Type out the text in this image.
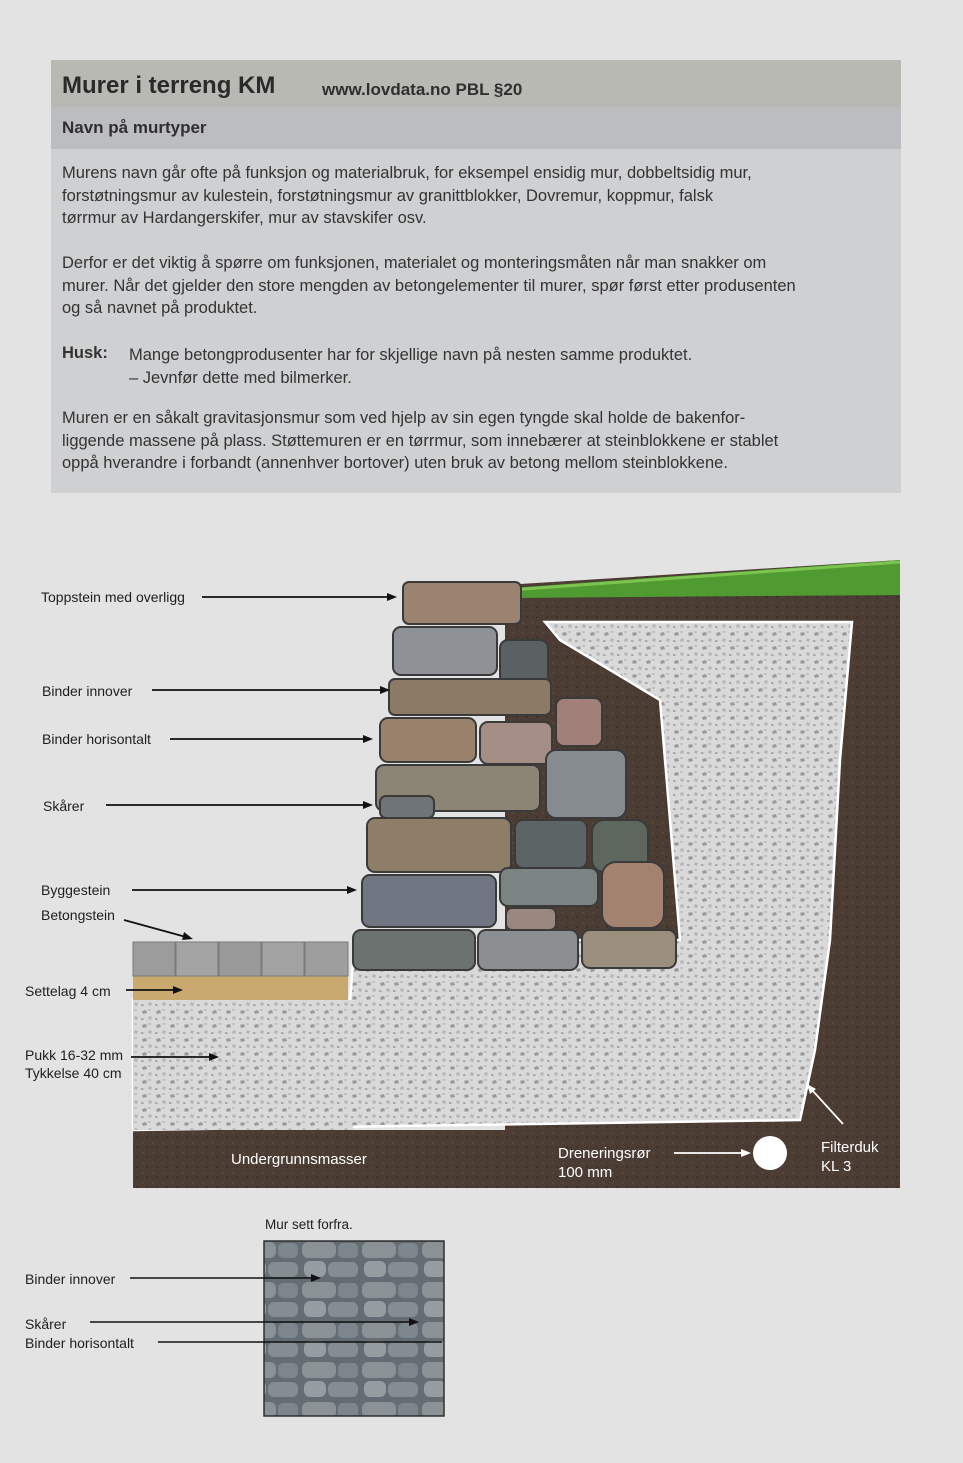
Murer i terreng KM	www.lovdata.no PBL §20
Navn på murtyper
Murens navn går ofte på funksjon og materialbruk, for eksempel ensidig mur, dobbeltsidig mur,
forstøtningsmur av kulestein, forstøtningsmur av granittblokker, Dovremur, koppmur, falsk
tørrmur av Hardangerskifer, mur av stavskifer osv.
Derfor er det viktig å spørre om funksjonen, materialet og monteringsmåten når man snakker om
murer. Når det gjelder den store mengden av betongelementer til murer, spør først etter produsenten
og så navnet på produktet.
Husk: Mange betongprodusenter har for skjellige navn på nesten samme produktet.
– Jevnfør dette med bilmerker.
Muren er en såkalt gravitasjonsmur som ved hjelp av sin egen tyngde skal holde de bakenfor-
liggende massene på plass. Støttemuren er en tørrmur, som innebærer at steinblokkene er stablet
oppå hverandre i forbandt (annenhver bortover) uten bruk av betong mellom steinblokkene.
Toppstein med overligg
Binder innover
Binder horisontalt
Skårer
Byggestein
Betongstein
Settelag 4 cm
Pukk 16-32 mm
Tykkelse 40 cm
Undergrunnsmasser	Dreneringsrør
100 mm
Filterduk
KL 3
Mur sett forfra.
Binder innover
Skårer
Binder horisontalt
